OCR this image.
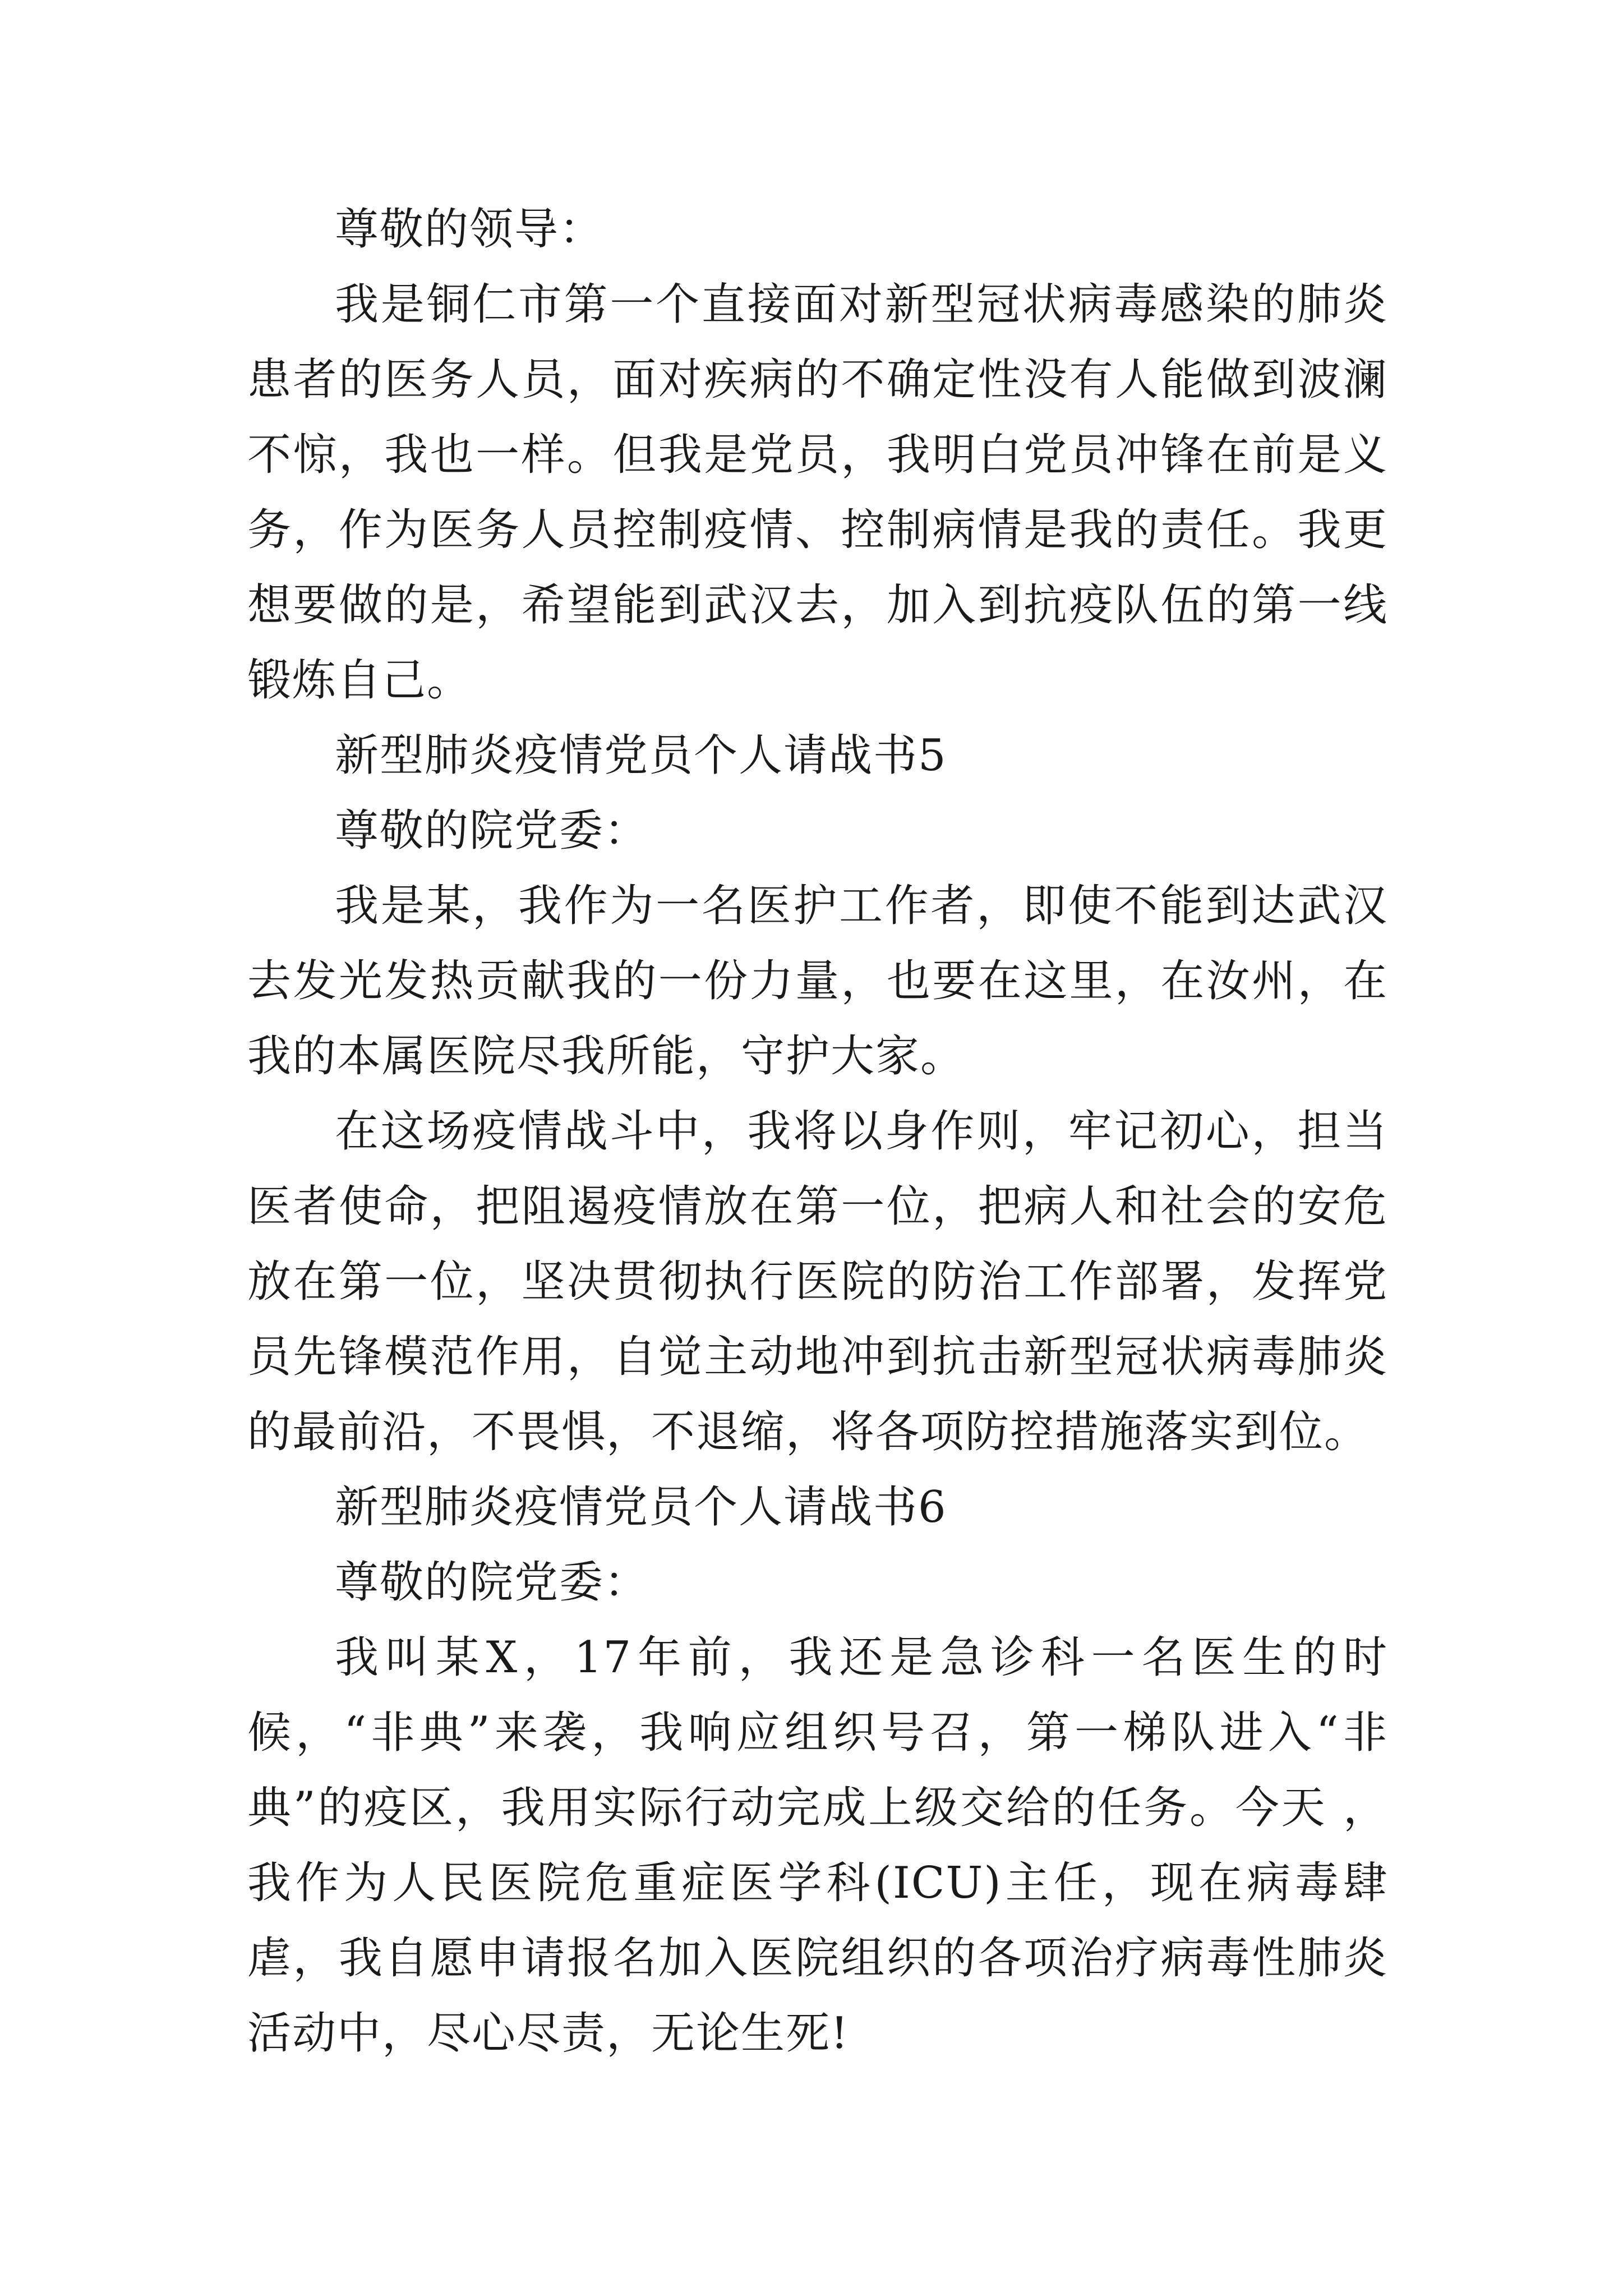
尊敬的领导：

我是铜仁市第一个直接面对新型冠状病毒感染的肺炎患者的医务人员，面对疾病的不确定性没有人能做到波澜不惊，我也一样。但我是党员，我明白党员冲锋在前是义务，作为医务人员控制疫情、控制病情是我的责任。我更想要做的是，希望能到武汉去，加入到抗疫队伍的第一线锻炼自己。

新型肺炎疫情党员个人请战书5

尊敬的院党委：

我是某，我作为一名医护工作者，即使不能到达武汉去发光发热贡献我的一份力量，也要在这里，在汝州，在我的本属医院尽我所能，守护大家。

在这场疫情战斗中，我将以身作则，牢记初心，担当医者使命，把阻遏疫情放在第一位，把病人和社会的安危放在第一位，坚决贯彻执行医院的防治工作部署，发挥党员先锋模范作用，自觉主动地冲到抗击新型冠状病毒肺炎的最前沿，不畏惧，不退缩，将各项防控措施落实到位。

新型肺炎疫情党员个人请战书6

尊敬的院党委：

我叫某X，17年前，我还是急诊科一名医生的时候，“非典”来袭，我响应组织号召，第一梯队进入“非典”的疫区，我用实际行动完成上级交给的任务。今天 ，我作为人民医院危重症医学科(ICU)主任，现在病毒肆虐，我自愿申请报名加入医院组织的各项治疗病毒性肺炎活动中，尽心尽责，无论生死!
